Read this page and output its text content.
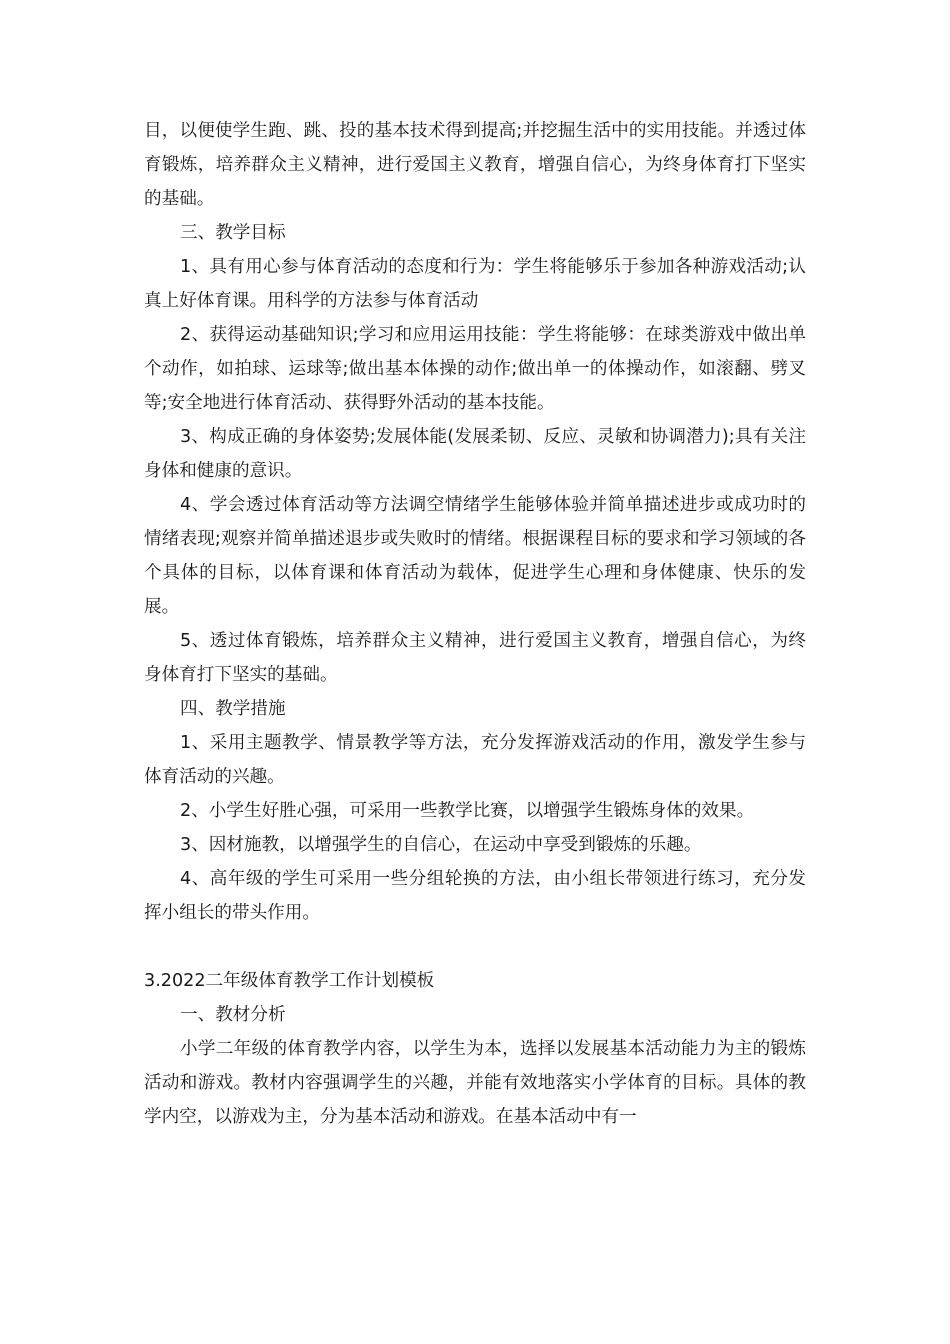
目，以便使学生跑、跳、投的基本技术得到提高;并挖掘生活中的实用技能。并透过体育锻炼，培养群众主义精神，进行爱国主义教育，增强自信心，为终身体育打下坚实的基础。

三、教学目标

1、具有用心参与体育活动的态度和行为：学生将能够乐于参加各种游戏活动;认真上好体育课。用科学的方法参与体育活动

2、获得运动基础知识;学习和应用运用技能：学生将能够：在球类游戏中做出单个动作，如拍球、运球等;做出基本体操的动作;做出单一的体操动作，如滚翻、劈叉等;安全地进行体育活动、获得野外活动的基本技能。

3、构成正确的身体姿势;发展体能(发展柔韧、反应、灵敏和协调潜力);具有关注身体和健康的意识。

4、学会透过体育活动等方法调空情绪学生能够体验并简单描述进步或成功时的情绪表现;观察并简单描述退步或失败时的情绪。根据课程目标的要求和学习领域的各个具体的目标，以体育课和体育活动为载体，促进学生心理和身体健康、快乐的发展。

5、透过体育锻炼，培养群众主义精神，进行爱国主义教育，增强自信心，为终身体育打下坚实的基础。

四、教学措施

1、采用主题教学、情景教学等方法，充分发挥游戏活动的作用，激发学生参与体育活动的兴趣。

2、小学生好胜心强，可采用一些教学比赛，以增强学生锻炼身体的效果。

3、因材施教，以增强学生的自信心，在运动中享受到锻炼的乐趣。

4、高年级的学生可采用一些分组轮换的方法，由小组长带领进行练习，充分发挥小组长的带头作用。

3.2022二年级体育教学工作计划模板

一、教材分析

小学二年级的体育教学内容，以学生为本，选择以发展基本活动能力为主的锻炼活动和游戏。教材内容强调学生的兴趣，并能有效地落实小学体育的目标。具体的教学内空，以游戏为主，分为基本活动和游戏。在基本活动中有一
